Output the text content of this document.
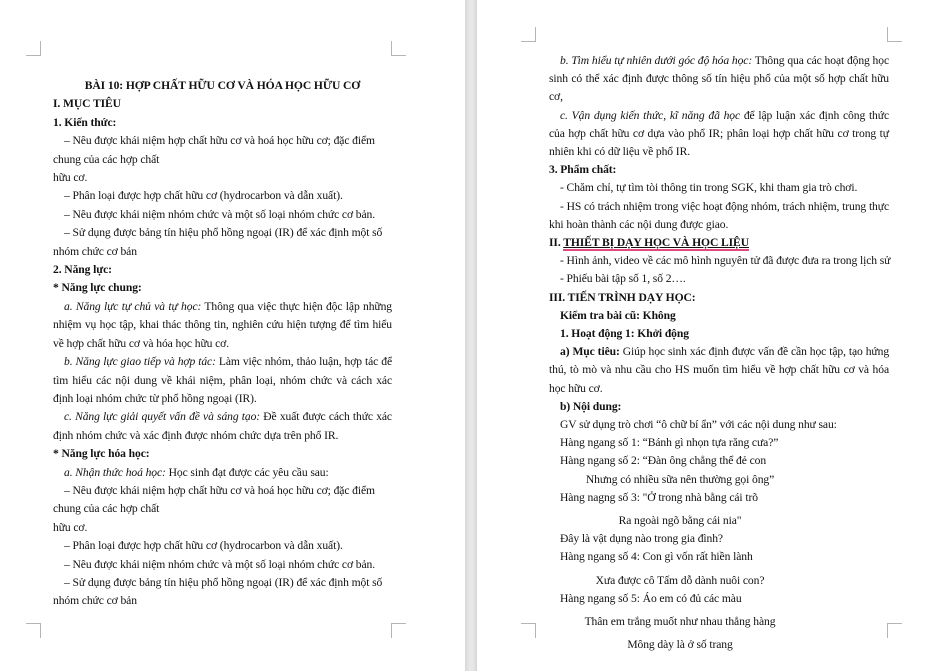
BÀI 10: HỢP CHẤT HỮU CƠ VÀ HÓA HỌC HỮU CƠ

I. MỤC TIÊU

1. Kiến thức:

– Nêu được khái niệm hợp chất hữu cơ và hoá học hữu cơ; đặc điểm chung của các hợp chất

hữu cơ.

– Phân loại được hợp chất hữu cơ (hydrocarbon và dẫn xuất).

– Nêu được khái niệm nhóm chức và một số loại nhóm chức cơ bản.

– Sử dụng được bảng tín hiệu phổ hồng ngoại (IR) để xác định một số nhóm chức cơ bản

2. Năng lực:

* Năng lực chung:

a. Năng lực tự chủ và tự học: Thông qua việc thực hiện độc lập những nhiệm vụ học tập, khai thác thông tin, nghiên cứu hiện tượng để tìm hiểu về hợp chất hữu cơ và hóa học hữu cơ.

b. Năng lực giao tiếp và hợp tác: Làm việc nhóm, thảo luận, hợp tác để tìm hiểu các nội dung về khái niệm, phân loại, nhóm chức và cách xác định loại nhóm chức từ phổ hồng ngoại (IR).

c. Năng lực giải quyết vấn đề và sáng tạo: Đề xuất được cách thức xác định nhóm chức và xác định được nhóm chức dựa trên phổ IR.

* Năng lực hóa học:

a. Nhận thức hoá học: Học sinh đạt được các yêu cầu sau:

– Nêu được khái niệm hợp chất hữu cơ và hoá học hữu cơ; đặc điểm chung của các hợp chất

hữu cơ.

– Phân loại được hợp chất hữu cơ (hydrocarbon và dẫn xuất).

– Nêu được khái niệm nhóm chức và một số loại nhóm chức cơ bản.

– Sử dụng được bảng tín hiệu phổ hồng ngoại (IR) để xác định một số nhóm chức cơ bản

b. Tìm hiểu tự nhiên dưới góc độ hóa học: Thông qua các hoạt động học sinh có thể xác định được thông số tín hiệu phổ của một số hợp chất hữu cơ,

c. Vận dụng kiến thức, kĩ năng đã học để lập luận xác định công thức của hợp chất hữu cơ dựa vào phổ IR; phân loại hợp chất hữu cơ trong tự nhiên khi có dữ liệu về phổ IR.

3. Phẩm chất:

- Chăm chỉ, tự tìm tòi thông tin trong SGK, khi tham gia trò chơi.

- HS có trách nhiệm trong việc hoạt động nhóm, trách nhiệm, trung thực khi hoàn thành các nội dung được giao.

II. THIẾT BỊ DẠY HỌC VÀ HỌC LIỆU

- Hình ảnh, video về các mô hình nguyên tử đã được đưa ra trong lịch sử

- Phiếu bài tập số 1, số 2….

III. TIẾN TRÌNH DẠY HỌC:

Kiểm tra bài cũ: Không

1. Hoạt động 1: Khởi động

a) Mục tiêu: Giúp học sinh xác định được vấn đề cần học tập, tạo hứng thú, tò mò và nhu cầu cho HS muốn tìm hiểu về hợp chất hữu cơ và hóa học hữu cơ.

b) Nội dung:

GV sử dụng trò chơi “ô chữ bí ẩn” với các nội dung như sau:

Hàng ngang số 1: “Bánh gì nhọn tựa răng cưa?”

Hàng ngang số 2: “Đàn ông chẳng thể đẻ con

Nhưng có nhiều sữa nên thường gọi ông”

Hàng nagng số 3: "Ở trong nhà bằng cái trõ

Ra ngoài ngõ bằng cái nia"

Đây là vật dụng nào trong gia đình?

Hàng ngang số 4: Con gì vốn rất hiền lành

Xưa được cô Tấm dỗ dành nuôi con?

Hàng ngang số 5: Áo em có đủ các màu

Thân em trắng muốt như nhau thẳng hàng

Mông dày là ở số trang
